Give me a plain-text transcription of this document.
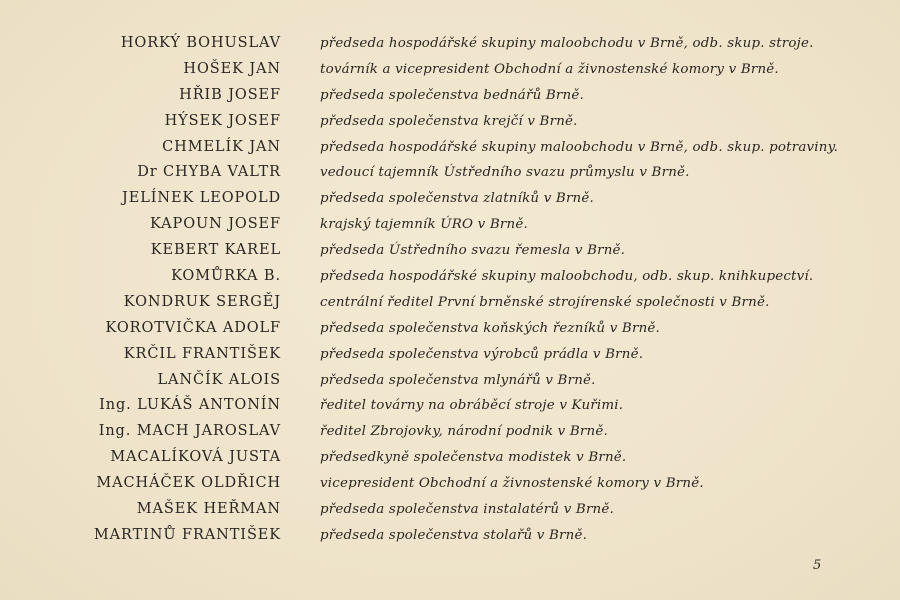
HORKÝ BOHUSLAV	předseda hospodářské skupiny maloobchodu v Brně, odb. skup. stroje.
HOŠEK JAN	továrník a vicepresident Obchodní a živnostenské komory v Brně.
HŘIB JOSEF	předseda společenstva bednářů Brně.
HÝSEK JOSEF	předseda společenstva krejčí v Brně.
CHMELÍK JAN	předseda hospodářské skupiny maloobchodu v Brně, odb. skup. potraviny.
Dr CHYBA VALTR	vedoucí tajemník Ústředního svazu průmyslu v Brně.
JELÍNEK LEOPOLD	předseda společenstva zlatníků v Brně.
KAPOUN JOSEF	krajský tajemník ÚRO v Brně.
KEBERT KAREL	předseda Ústředního svazu řemesla v Brně.
KOMŮRKA B.	předseda hospodářské skupiny maloobchodu, odb. skup. knihkupectví.
KONDRUK SERGĚJ	centrální ředitel První brněnské strojírenské společnosti v Brně.
KOROTVIČKA ADOLF	předseda společenstva koňských řezníků v Brně.
KRČIL FRANTIŠEK	předseda společenstva výrobců prádla v Brně.
LANČÍK ALOIS	předseda společenstva mlynářů v Brně.
Ing. LUKÁŠ ANTONÍN	ředitel továrny na obráběcí stroje v Kuřimi.
Ing. MACH JAROSLAV	ředitel Zbrojovky, národní podnik v Brně.
MACALÍKOVÁ JUSTA	předsedkyně společenstva modistek v Brně.
MACHÁČEK OLDŘICH	vicepresident Obchodní a živnostenské komory v Brně.
MAŠEK HEŘMAN	předseda společenstva instalatérů v Brně.
MARTINŮ FRANTIŠEK	předseda společenstva stolařů v Brně.
5
